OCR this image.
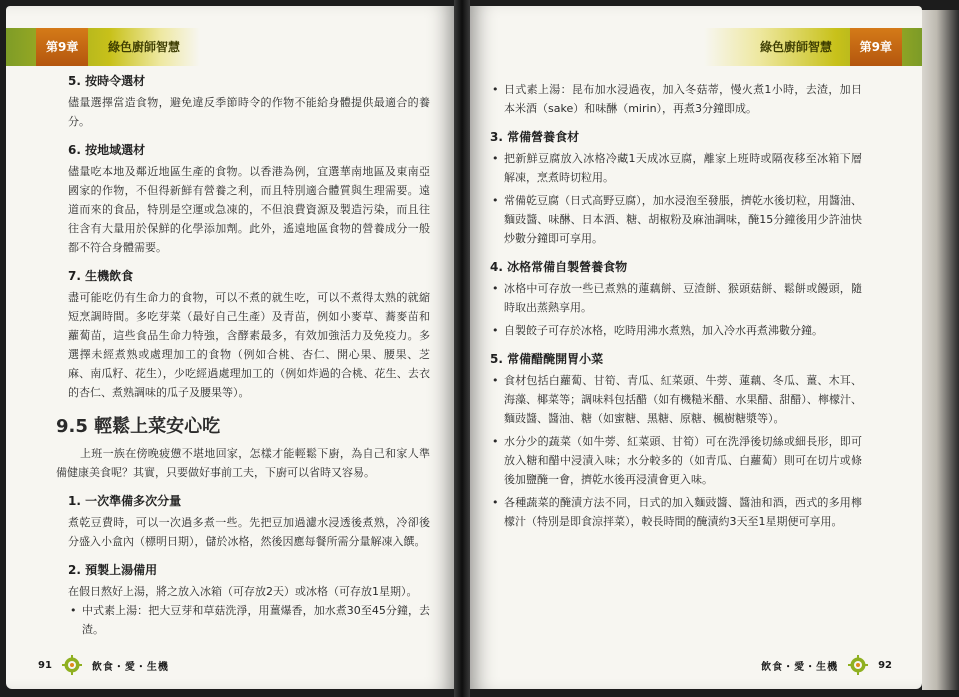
第9章	綠色廚師智慧
5. 按時令選材

儘量選擇當造食物，避免違反季節時令的作物不能給身體提供最適合的養分。

6. 按地域選材

儘量吃本地及鄰近地區生產的食物。以香港為例，宜選華南地區及東南亞國家的作物，不但得新鮮有營養之利，而且特別適合體質與生理需要。遠道而來的食品，特別是空運或急凍的，不但浪費資源及製造污染，而且往往含有大量用於保鮮的化學添加劑。此外，遙遠地區食物的營養成分一般都不符合身體需要。

7. 生機飲食

盡可能吃仍有生命力的食物，可以不煮的就生吃，可以不煮得太熟的就縮短烹調時間。多吃芽菜（最好自己生產）及青苗，例如小麥草、蕎麥苗和蘿蔔苗，這些食品生命力特強，含酵素最多，有效加強活力及免疫力。多選擇未經煮熟或處理加工的食物（例如合桃、杏仁、開心果、腰果、芝麻、南瓜籽、花生），少吃經過處理加工的（例如炸過的合桃、花生、去衣的杏仁、煮熟調味的瓜子及腰果等）。

9.5 輕鬆上菜安心吃

上班一族在傍晚疲憊不堪地回家，怎樣才能輕鬆下廚，為自己和家人準備健康美食呢？其實，只要做好事前工夫，下廚可以省時又容易。

1. 一次準備多次分量

煮乾豆費時，可以一次過多煮一些。先把豆加過濾水浸透後煮熟，冷卻後分盛入小盒內（標明日期），儲於冰格，然後因應每餐所需分量解凍入饌。

2. 預製上湯備用

在假日熬好上湯，將之放入冰箱（可存放2天）或冰格（可存放1星期）。

• 中式素上湯：把大豆芽和草菇洗淨，用薑爆香，加水煮30至45分鐘，去渣。
91	飲食・愛・生機
綠色廚師智慧	第9章
• 日式素上湯：昆布加水浸過夜，加入冬菇蒂，慢火煮1小時，去渣，加日本米酒（sake）和味醂（mirin），再煮3分鐘即成。
3. 常備營養食材
• 把新鮮豆腐放入冰格冷藏1天成冰豆腐，離家上班時或隔夜移至冰箱下層解凍，烹煮時切粒用。
• 常備乾豆腐（日式高野豆腐），加水浸泡至發脹，擠乾水後切粒，用醬油、麵豉醬、味醂、日本酒、糖、胡椒粉及麻油調味，醃15分鐘後用少許油快炒數分鐘即可享用。
4. 冰格常備自製營養食物
• 冰格中可存放一些已煮熟的蓮藕餅、豆渣餅、猴頭菇餅、鬆餅或饅頭，隨時取出蒸熱享用。
• 自製餃子可存於冰格，吃時用沸水煮熟，加入冷水再煮沸數分鐘。
5. 常備醋醃開胃小菜
• 食材包括白蘿蔔、甘筍、青瓜、紅菜頭、牛蒡、蓮藕、冬瓜、薑、木耳、海藻、椰菜等；調味料包括醋（如有機糙米醋、水果醋、甜醋）、檸檬汁、麵豉醬、醬油、糖（如蜜糖、黑糖、原糖、楓樹糖漿等）。
• 水分少的蔬菜（如牛蒡、紅菜頭、甘筍）可在洗淨後切絲或細長形，即可放入糖和醋中浸漬入味；水分較多的（如青瓜、白蘿蔔）則可在切片或條後加鹽醃一會，擠乾水後再浸漬會更入味。
• 各種蔬菜的醃漬方法不同，日式的加入麵豉醬、醬油和酒，西式的多用檸檬汁（特別是即食涼拌菜），較長時間的醃漬約3天至1星期便可享用。
飲食・愛・生機	92
